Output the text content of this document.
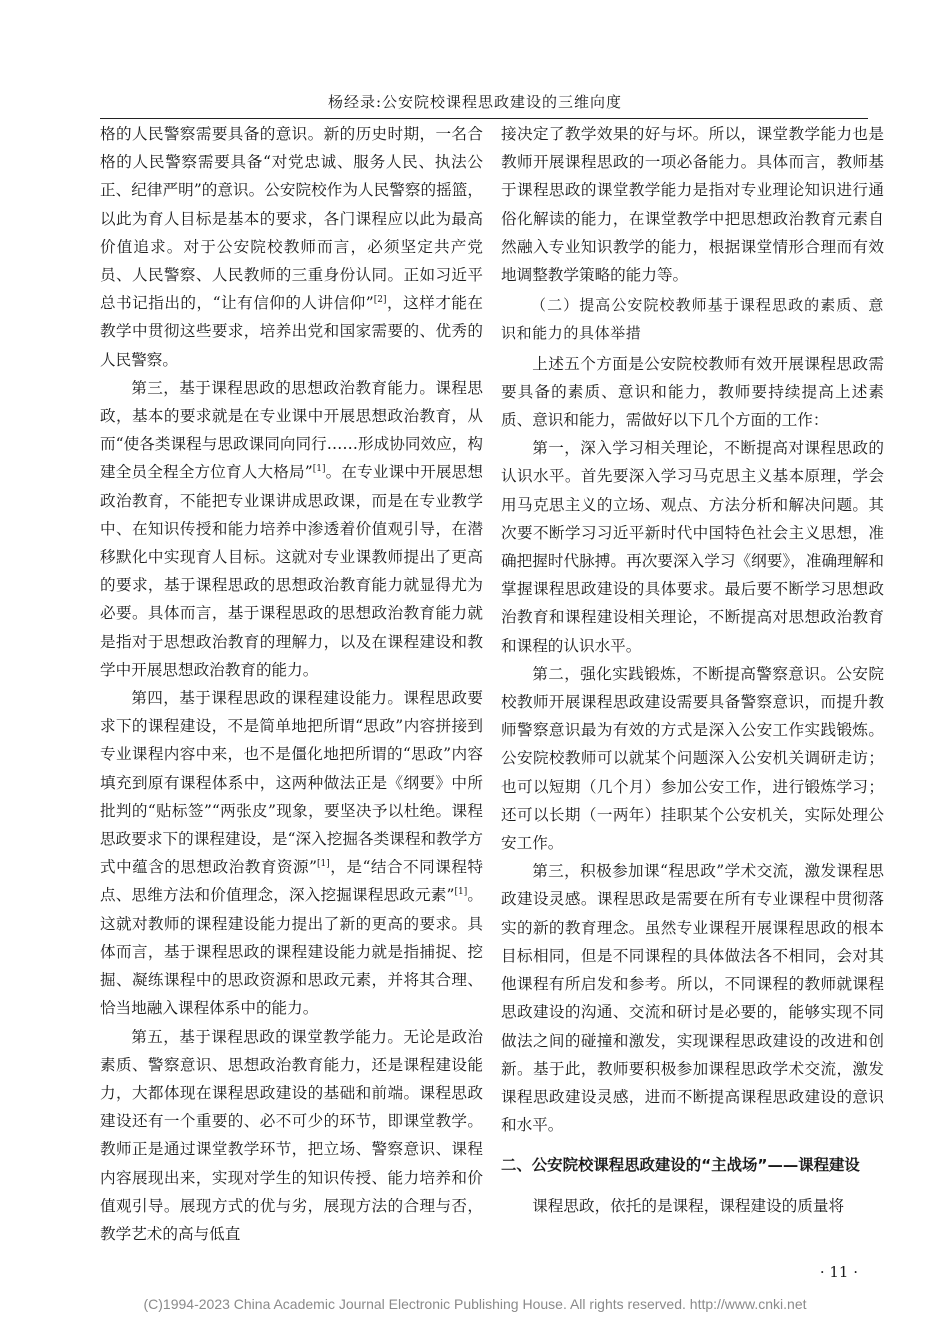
杨经录:公安院校课程思政建设的三维向度

格的人民警察需要具备的意识。新的历史时期，一名合格的人民警察需要具备“对党忠诚、服务人民、执法公正、纪律严明”的意识。公安院校作为人民警察的摇篮，以此为育人目标是基本的要求，各门课程应以此为最高价值追求。对于公安院校教师而言，必须坚定共产党员、人民警察、人民教师的三重身份认同。正如习近平总书记指出的，“让有信仰的人讲信仰”[2]，这样才能在教学中贯彻这些要求，培养出党和国家需要的、优秀的人民警察。

第三，基于课程思政的思想政治教育能力。课程思政，基本的要求就是在专业课中开展思想政治教育，从而“使各类课程与思政课同向同行……形成协同效应，构建全员全程全方位育人大格局”[1]。在专业课中开展思想政治教育，不能把专业课讲成思政课，而是在专业教学中、在知识传授和能力培养中渗透着价值观引导，在潜移默化中实现育人目标。这就对专业课教师提出了更高的要求，基于课程思政的思想政治教育能力就显得尤为必要。具体而言，基于课程思政的思想政治教育能力就是指对于思想政治教育的理解力，以及在课程建设和教学中开展思想政治教育的能力。

第四，基于课程思政的课程建设能力。课程思政要求下的课程建设，不是简单地把所谓“思政”内容拼接到专业课程内容中来，也不是僵化地把所谓的“思政”内容填充到原有课程体系中，这两种做法正是《纲要》中所批判的“贴标签”“两张皮”现象，要坚决予以杜绝。课程思政要求下的课程建设，是“深入挖掘各类课程和教学方式中蕴含的思想政治教育资源”[1]，是“结合不同课程特点、思维方法和价值理念，深入挖掘课程思政元素”[1]。这就对教师的课程建设能力提出了新的更高的要求。具体而言，基于课程思政的课程建设能力就是指捕捉、挖掘、凝练课程中的思政资源和思政元素，并将其合理、恰当地融入课程体系中的能力。

第五，基于课程思政的课堂教学能力。无论是政治素质、警察意识、思想政治教育能力，还是课程建设能力，大都体现在课程思政建设的基础和前端。课程思政建设还有一个重要的、必不可少的环节，即课堂教学。教师正是通过课堂教学环节，把立场、警察意识、课程内容展现出来，实现对学生的知识传授、能力培养和价值观引导。展现方式的优与劣，展现方法的合理与否，教学艺术的高与低直

接决定了教学效果的好与坏。所以，课堂教学能力也是教师开展课程思政的一项必备能力。具体而言，教师基于课程思政的课堂教学能力是指对专业理论知识进行通俗化解读的能力，在课堂教学中把思想政治教育元素自然融入专业知识教学的能力，根据课堂情形合理而有效地调整教学策略的能力等。

（二）提高公安院校教师基于课程思政的素质、意识和能力的具体举措

上述五个方面是公安院校教师有效开展课程思政需要具备的素质、意识和能力，教师要持续提高上述素质、意识和能力，需做好以下几个方面的工作：

第一，深入学习相关理论，不断提高对课程思政的认识水平。首先要深入学习马克思主义基本原理，学会用马克思主义的立场、观点、方法分析和解决问题。其次要不断学习习近平新时代中国特色社会主义思想，准确把握时代脉搏。再次要深入学习《纲要》，准确理解和掌握课程思政建设的具体要求。最后要不断学习思想政治教育和课程建设相关理论，不断提高对思想政治教育和课程的认识水平。

第二，强化实践锻炼，不断提高警察意识。公安院校教师开展课程思政建设需要具备警察意识，而提升教师警察意识最为有效的方式是深入公安工作实践锻炼。公安院校教师可以就某个问题深入公安机关调研走访；也可以短期（几个月）参加公安工作，进行锻炼学习；还可以长期（一两年）挂职某个公安机关，实际处理公安工作。

第三，积极参加课“程思政”学术交流，激发课程思政建设灵感。课程思政是需要在所有专业课程中贯彻落实的新的教育理念。虽然专业课程开展课程思政的根本目标相同，但是不同课程的具体做法各不相同，会对其他课程有所启发和参考。所以，不同课程的教师就课程思政建设的沟通、交流和研讨是必要的，能够实现不同做法之间的碰撞和激发，实现课程思政建设的改进和创新。基于此，教师要积极参加课程思政学术交流，激发课程思政建设灵感，进而不断提高课程思政建设的意识和水平。

二、公安院校课程思政建设的“主战场”——课程建设

课程思政，依托的是课程，课程建设的质量将

· 11 ·
(C)1994-2023 China Academic Journal Electronic Publishing House. All rights reserved. http://www.cnki.net
